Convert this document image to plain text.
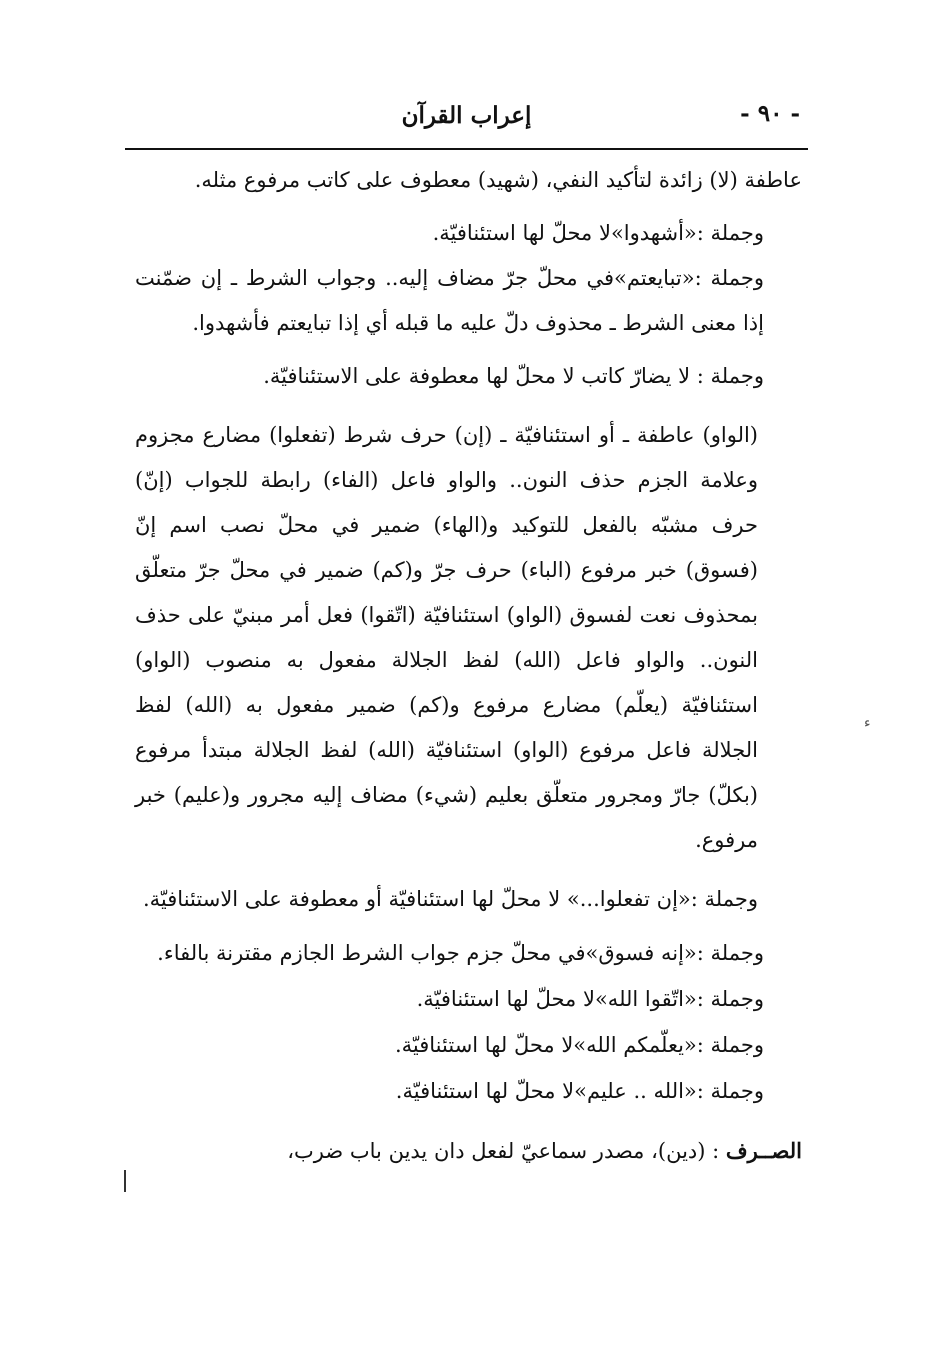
إعراب القرآن	- ٩٠ -

عاطفة (لا) زائدة لتأكيد النفي، (شهيد) معطوف على كاتب مرفوع مثله.

وجملة :«أشهدوا»لا محلّ لها استئنافيّة.

وجملة :«تبايعتم»في محلّ جرّ مضاف إليه.. وجواب الشرط ـ إن ضمّنت إذا معنى الشرط ـ محذوف دلّ عليه ما قبله أي إذا تبايعتم فأشهدوا.

وجملة : لا يضارّ كاتب لا محلّ لها معطوفة على الاستئنافيّة.

(الواو) عاطفة ـ أو استئنافيّة ـ (إن) حرف شرط (تفعلوا) مضارع مجزوم وعلامة الجزم حذف النون.. والواو فاعل (الفاء) رابطة للجواب (إنّ) حرف مشبّه بالفعل للتوكيد و(الهاء) ضمير في محلّ نصب اسم إنّ (فسوق) خبر مرفوع (الباء) حرف جرّ و(كم) ضمير في محلّ جرّ متعلّق بمحذوف نعت لفسوق (الواو) استئنافيّة (اتّقوا) فعل أمر مبنيّ على حذف النون.. والواو فاعل (الله) لفظ الجلالة مفعول به منصوب (الواو) استئنافيّة (يعلّم) مضارع مرفوع و(كم) ضمير مفعول به (الله) لفظ الجلالة فاعل مرفوع (الواو) استئنافيّة (الله) لفظ الجلالة مبتدأ مرفوع (بكلّ) جارّ ومجرور متعلّق بعليم (شيء) مضاف إليه مجرور و(عليم) خبر مرفوع.

وجملة :«إن تفعلوا...» لا محلّ لها استئنافيّة أو معطوفة على الاستئنافيّة.

وجملة :«إنه فسوق»في محلّ جزم جواب الشرط الجازم مقترنة بالفاء.

وجملة :«اتّقوا الله»لا محلّ لها استئنافيّة.

وجملة :«يعلّمكم الله»لا محلّ لها استئنافيّة.

وجملة :«الله .. عليم»لا محلّ لها استئنافيّة.

الصــرف : (دين)، مصدر سماعيّ لفعل دان يدين باب ضرب،

ء
